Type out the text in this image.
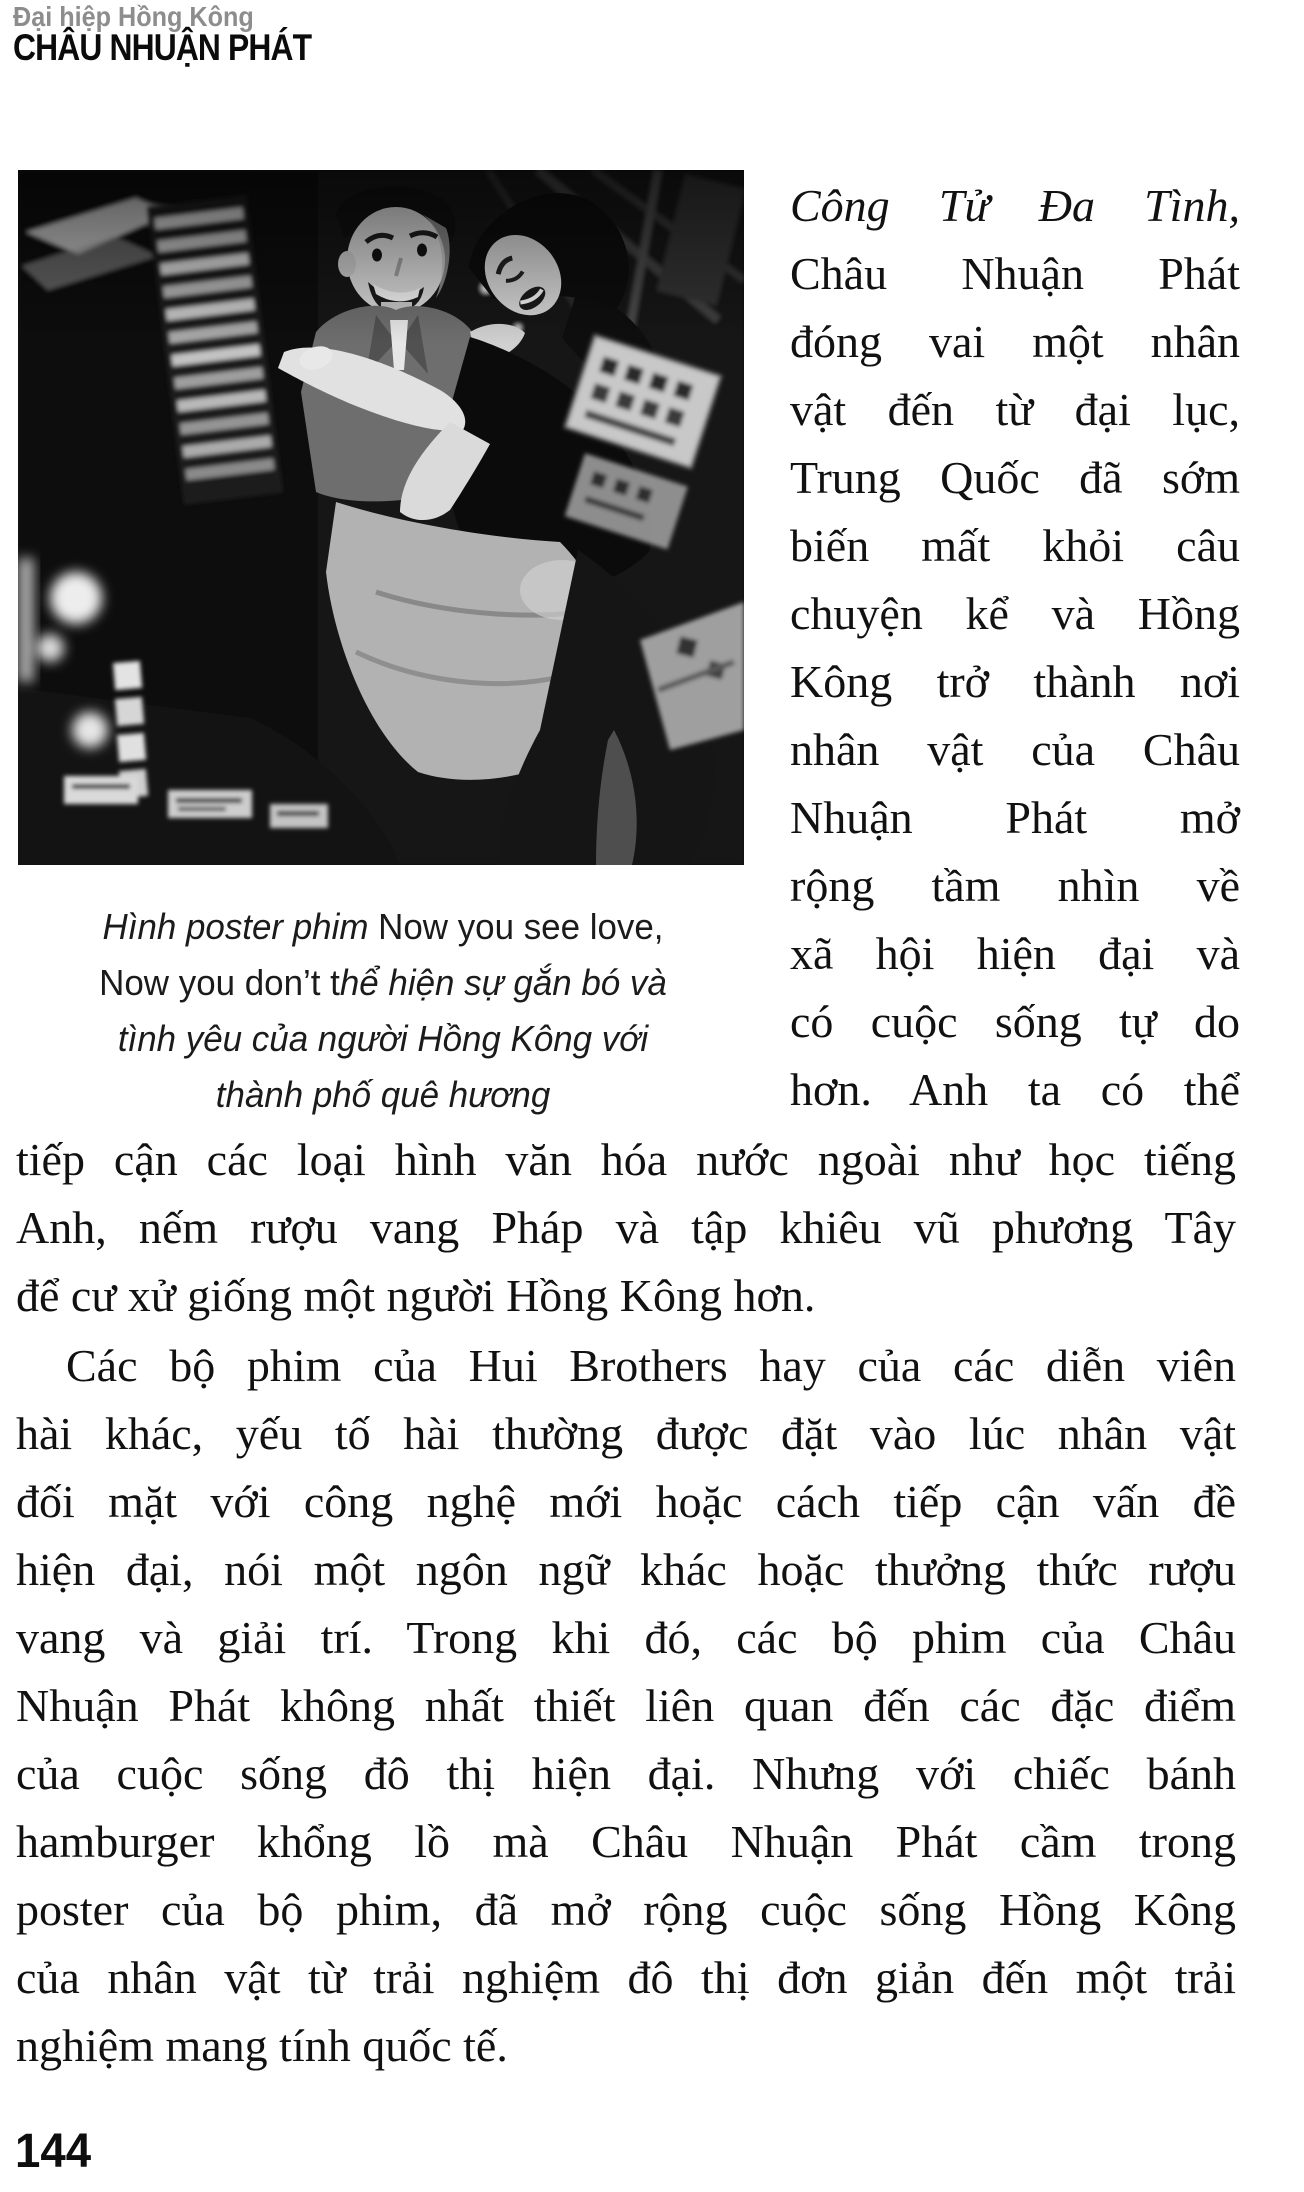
Đại hiệp Hồng Kông
CHÂU NHUẬN PHÁT
Hình poster phim Now you see love,
Now you don’t thể hiện sự gắn bó và
tình yêu của người Hồng Kông với
thành phố quê hương
Công Tử Đa Tình,
Châu Nhuận Phát
đóng vai một nhân
vật đến từ đại lục,
Trung Quốc đã sớm
biến mất khỏi câu
chuyện kể và Hồng
Kông trở thành nơi
nhân vật của Châu
Nhuận Phát mở
rộng tầm nhìn về
xã hội hiện đại và
có cuộc sống tự do
hơn. Anh ta có thể
tiếp cận các loại hình văn hóa nước ngoài như học tiếng
Anh, nếm rượu vang Pháp và tập khiêu vũ phương Tây
để cư xử giống một người Hồng Kông hơn.
Các bộ phim của Hui Brothers hay của các diễn viên
hài khác, yếu tố hài thường được đặt vào lúc nhân vật
đối mặt với công nghệ mới hoặc cách tiếp cận vấn đề
hiện đại, nói một ngôn ngữ khác hoặc thưởng thức rượu
vang và giải trí. Trong khi đó, các bộ phim của Châu
Nhuận Phát không nhất thiết liên quan đến các đặc điểm
của cuộc sống đô thị hiện đại. Nhưng với chiếc bánh
hamburger khổng lồ mà Châu Nhuận Phát cầm trong
poster của bộ phim, đã mở rộng cuộc sống Hồng Kông
của nhân vật từ trải nghiệm đô thị đơn giản đến một trải
nghiệm mang tính quốc tế.
144
